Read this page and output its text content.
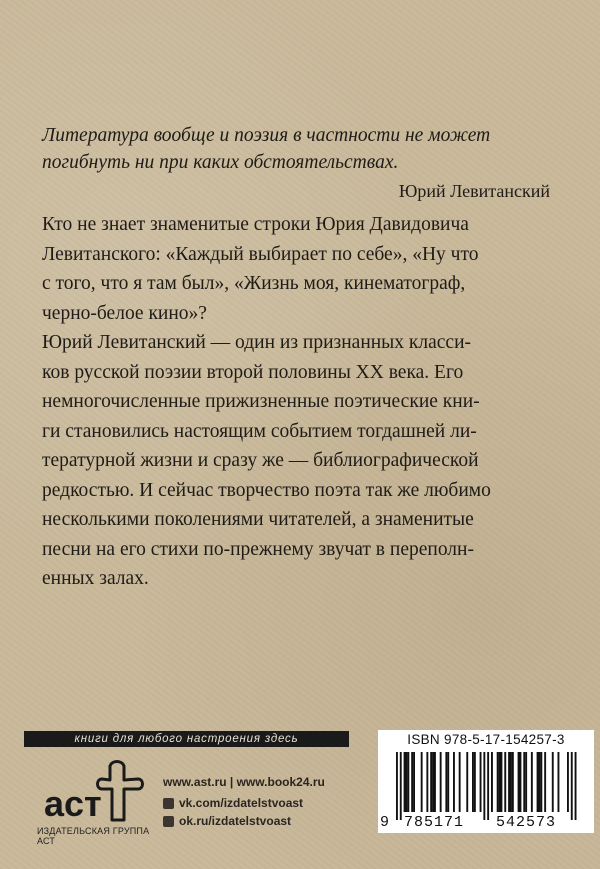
Литература вообще и поэзия в частности не может
погибнуть ни при каких обстоятельствах.
Юрий Левитанский

Кто не знает знаменитые строки Юрия Давидовича
Левитанского: «Каждый выбирает по себе», «Ну что
с того, что я там был», «Жизнь моя, кинематограф,
черно-белое кино»?

Юрий Левитанский — один из признанных класси-
ков русской поэзии второй половины XX века. Его
немногочисленные прижизненные поэтические кни-
ги становились настоящим событием тогдашней ли-
тературной жизни и сразу же — библиографической
редкостью. И сейчас творчество поэта так же любимо
несколькими поколениями читателей, а знаменитые
песни на его стихи по-прежнему звучат в переполн-
енных залах.

книги для любого настроения здесь
аст
ИЗДАТЕЛЬСКАЯ ГРУППА АСТ
www.ast.ru | www.book24.ru
vk.com/izdatelstvoast
ok.ru/izdatelstvoast
ISBN 978-5-17-154257-3
9 785171 542573
